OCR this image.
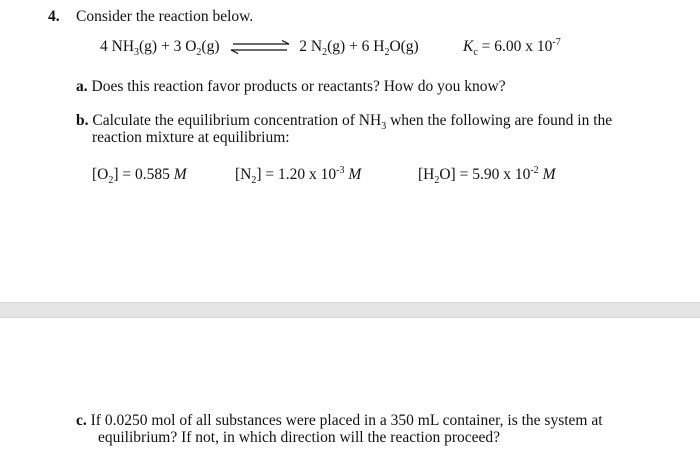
4. Consider the reaction below.
4 $NH_3(g) + 3$ $O_2(g)$ ⇌ 2 $N_2(g) + 6$ $H_2O(g)$	$K_c = 6.00$ x $10^{-7}$
a. Does this reaction favor products or reactants? How do you know?
b. Calculate the equilibrium concentration of $NH_3$ when the following are found in the
reaction mixture at equilibrium:
$[O_2] = 0.585$ M	$[N_2] = 1.20$ x $10^{-3}$ M	$[H_2O] = 5.90$ x $10^{-2}$ M
c. If 0.0250 mol of all substances were placed in a 350 mL container, is the system at
equilibrium? If not, in which direction will the reaction proceed?
